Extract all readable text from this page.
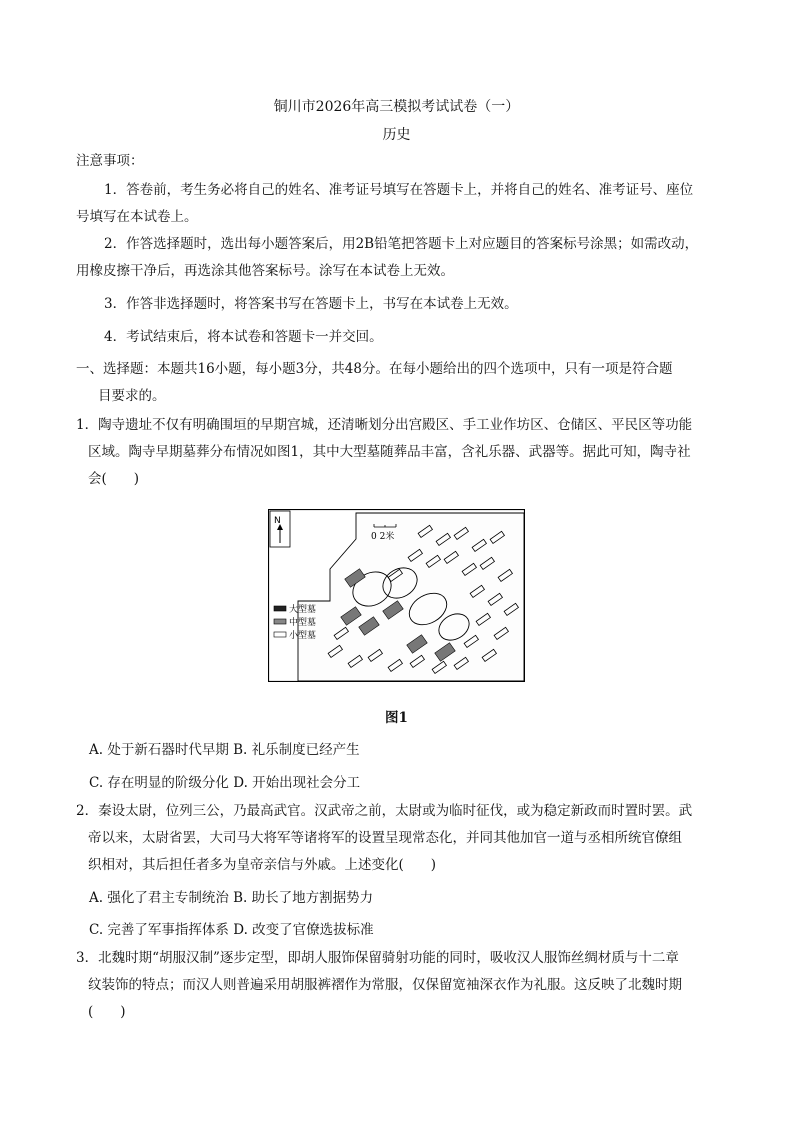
铜川市2026年高三模拟考试试卷（一）
历史
注意事项：
1．答卷前，考生务必将自己的姓名、准考证号填写在答题卡上，并将自己的姓名、准考证号、座位
号填写在本试卷上。
2．作答选择题时，选出每小题答案后，用2B铅笔把答题卡上对应题目的答案标号涂黑；如需改动，
用橡皮擦干净后，再选涂其他答案标号。涂写在本试卷上无效。
3．作答非选择题时，将答案书写在答题卡上，书写在本试卷上无效。
4．考试结束后，将本试卷和答题卡一并交回。
一、选择题：本题共16小题，每小题3分，共48分。在每小题给出的四个选项中，只有一项是符合题
目要求的。
1．陶寺遗址不仅有明确围垣的早期宫城，还清晰划分出宫殿区、手工业作坊区、仓储区、平民区等功能
区域。陶寺早期墓葬分布情况如图1，其中大型墓随葬品丰富，含礼乐器、武器等。据此可知，陶寺社
会(　　)
N
0 2米
大型墓
中型墓
小型墓
图1
A. 处于新石器时代早期 B. 礼乐制度已经产生
C. 存在明显的阶级分化 D. 开始出现社会分工
2．秦设太尉，位列三公，乃最高武官。汉武帝之前，太尉或为临时征伐，或为稳定新政而时置时罢。武
帝以来，太尉省罢，大司马大将军等诸将军的设置呈现常态化，并同其他加官一道与丞相所统官僚组
织相对，其后担任者多为皇帝亲信与外戚。上述变化(　　)
A. 强化了君主专制统治 B. 助长了地方割据势力
C. 完善了军事指挥体系 D. 改变了官僚选拔标准
3．北魏时期“胡服汉制”逐步定型，即胡人服饰保留骑射功能的同时，吸收汉人服饰丝绸材质与十二章
纹装饰的特点；而汉人则普遍采用胡服裤褶作为常服，仅保留宽袖深衣作为礼服。这反映了北魏时期
(　　)
